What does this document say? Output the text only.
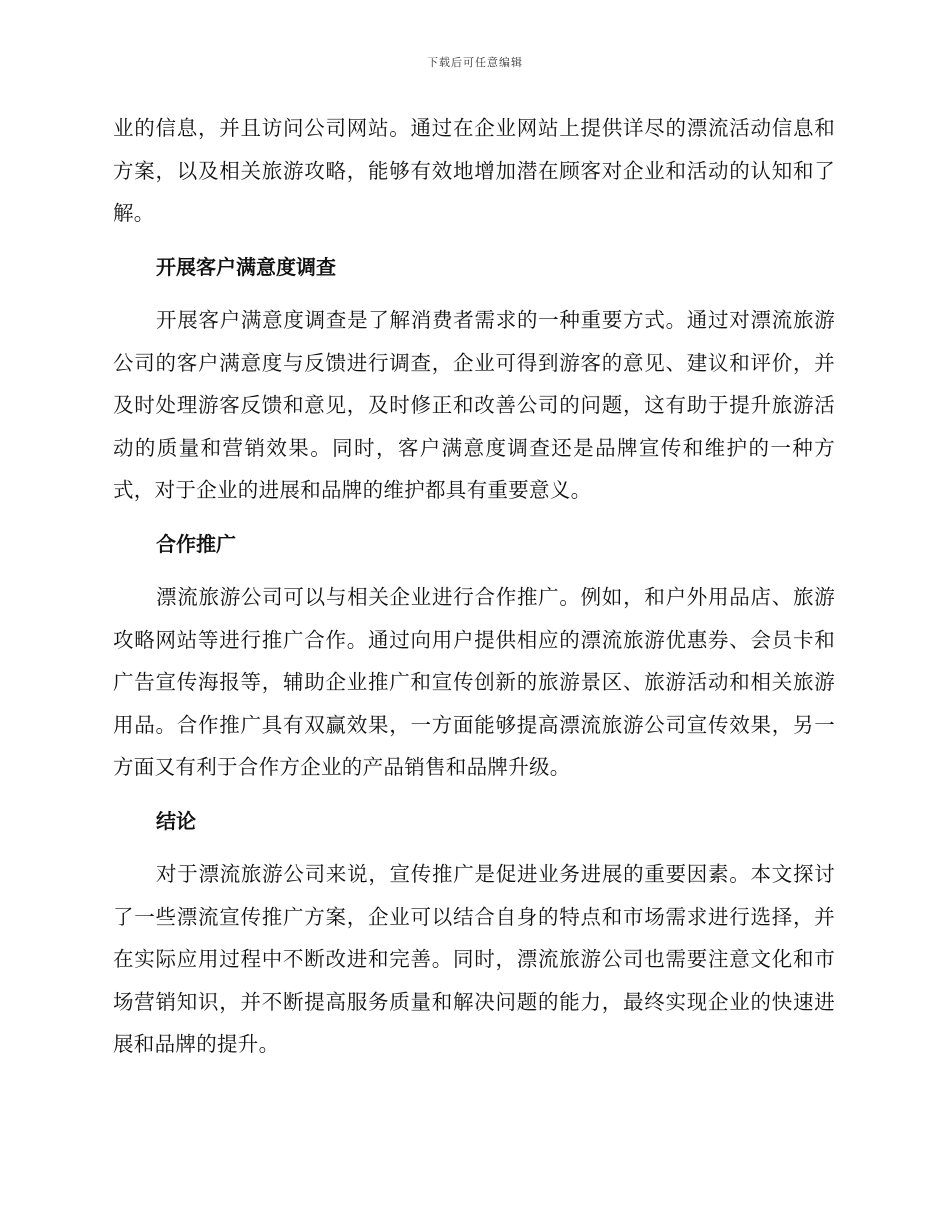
下载后可任意编辑

业的信息，并且访问公司网站。通过在企业网站上提供详尽的漂流活动信息和方案，以及相关旅游攻略，能够有效地增加潜在顾客对企业和活动的认知和了解。

开展客户满意度调查

开展客户满意度调查是了解消费者需求的一种重要方式。通过对漂流旅游公司的客户满意度与反馈进行调查，企业可得到游客的意见、建议和评价，并及时处理游客反馈和意见，及时修正和改善公司的问题，这有助于提升旅游活动的质量和营销效果。同时，客户满意度调查还是品牌宣传和维护的一种方式，对于企业的进展和品牌的维护都具有重要意义。

合作推广

漂流旅游公司可以与相关企业进行合作推广。例如，和户外用品店、旅游攻略网站等进行推广合作。通过向用户提供相应的漂流旅游优惠券、会员卡和广告宣传海报等，辅助企业推广和宣传创新的旅游景区、旅游活动和相关旅游用品。合作推广具有双赢效果，一方面能够提高漂流旅游公司宣传效果，另一方面又有利于合作方企业的产品销售和品牌升级。

结论

对于漂流旅游公司来说，宣传推广是促进业务进展的重要因素。本文探讨了一些漂流宣传推广方案，企业可以结合自身的特点和市场需求进行选择，并在实际应用过程中不断改进和完善。同时，漂流旅游公司也需要注意文化和市场营销知识，并不断提高服务质量和解决问题的能力，最终实现企业的快速进展和品牌的提升。
